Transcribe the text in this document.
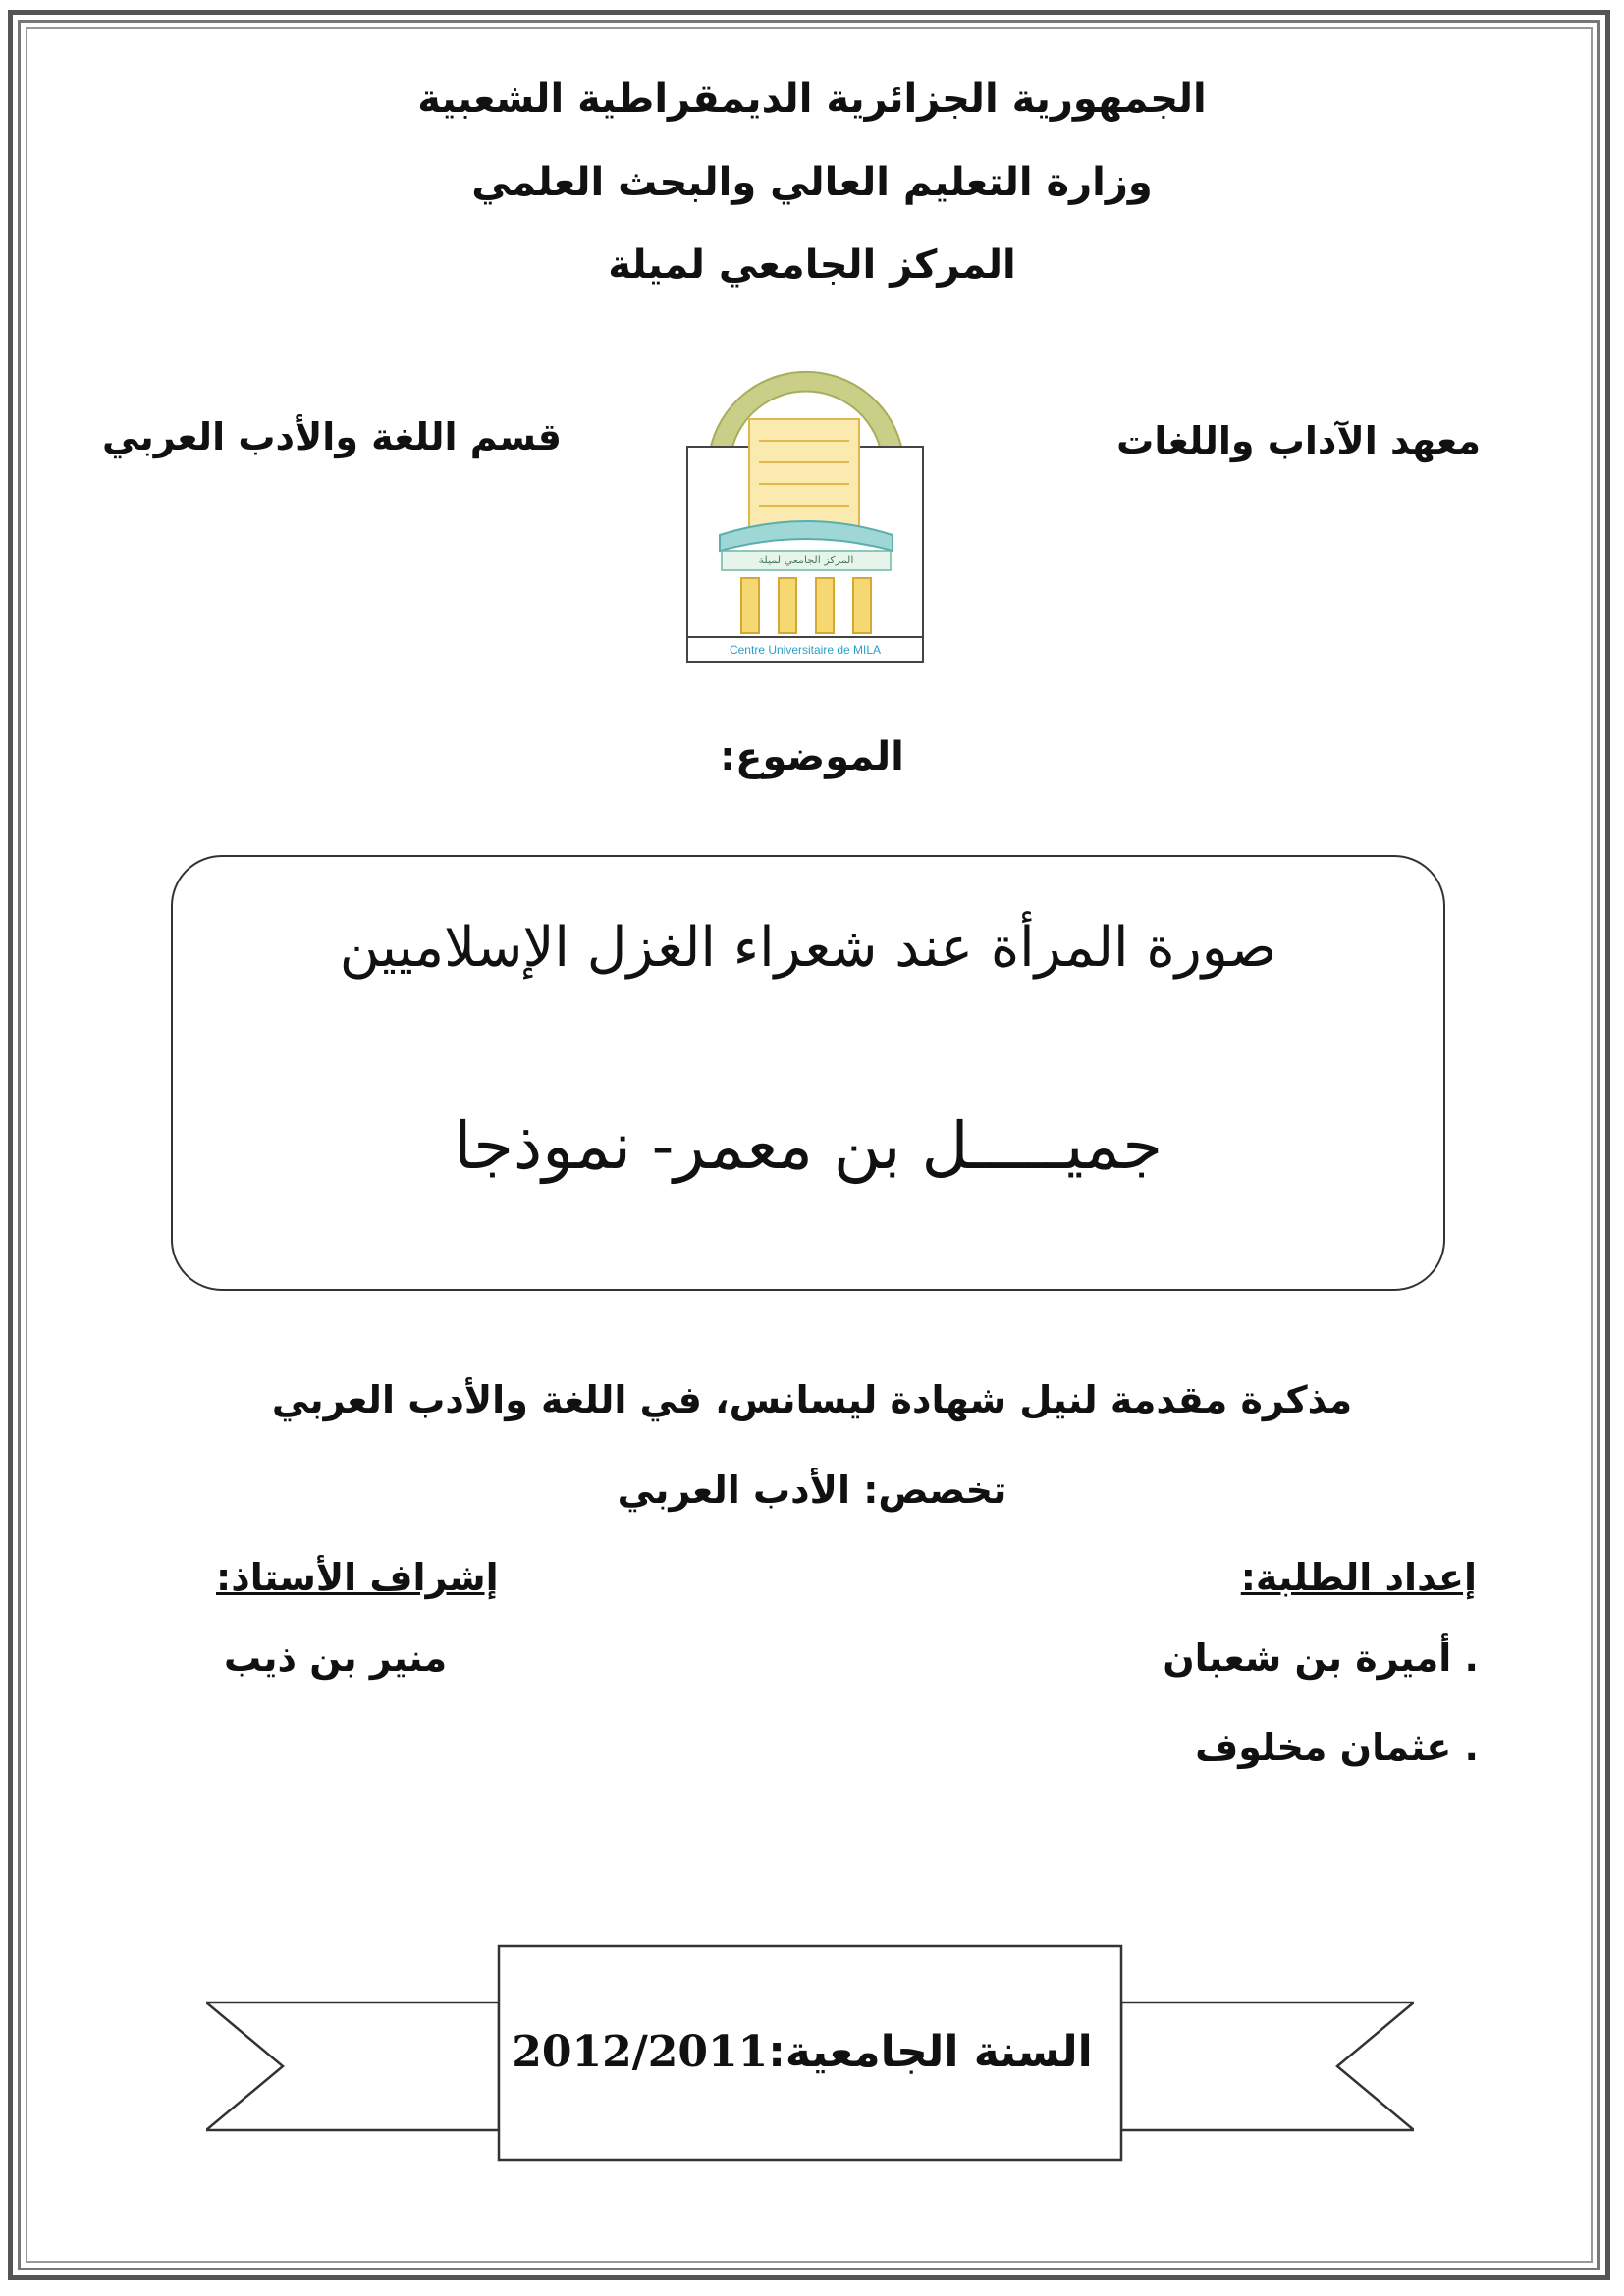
الجمهورية الجزائرية الديمقراطية الشعبية
وزارة التعليم العالي والبحث العلمي
المركز الجامعي لميلة
معهد الآداب واللغات
قسم اللغة والأدب العربي
المركز الجامعي لميلة
Centre Universitaire de MILA
الموضوع:
صورة المرأة عند شعراء الغزل الإسلاميين
جميـــــل بن معمر- نموذجا
مذكرة مقدمة لنيل شهادة ليسانس، في اللغة والأدب العربي
تخصص: الأدب العربي
إعداد الطلبة:
. أميرة بن شعبان
. عثمان مخلوف
إشراف الأستاذ:
منير بن ذيب
السنة الجامعية:2012/2011
